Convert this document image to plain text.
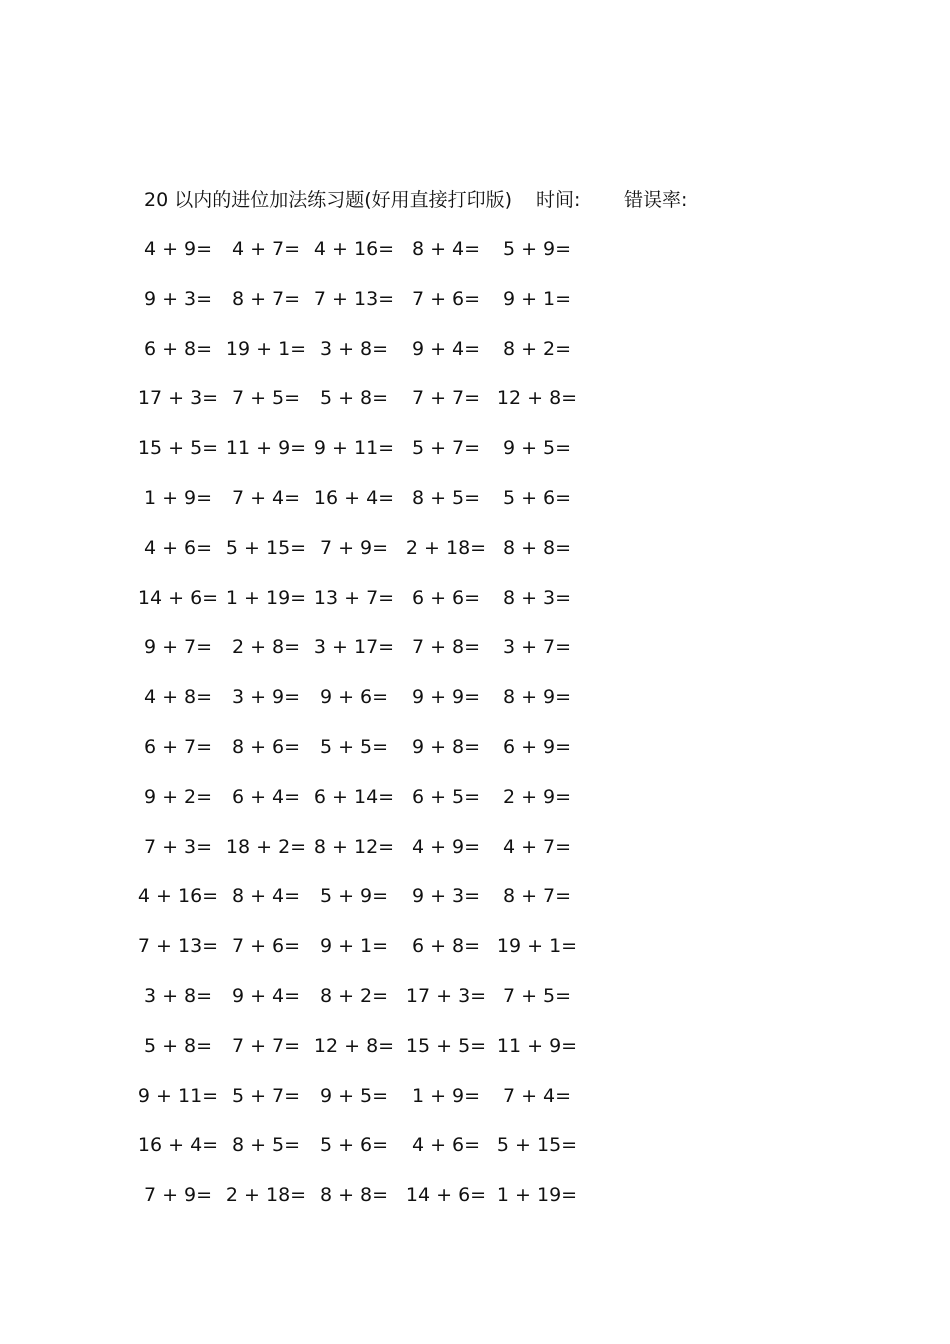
20 以内的进位加法练习题(好用直接打印版) 时间: 错误率:
4 + 9= 4 + 7= 4 + 16= 8 + 4= 5 + 9=
9 + 3= 8 + 7= 7 + 13= 7 + 6= 9 + 1=
6 + 8= 19 + 1= 3 + 8= 9 + 4= 8 + 2=
17 + 3= 7 + 5= 5 + 8= 7 + 7= 12 + 8=
15 + 5= 11 + 9= 9 + 11= 5 + 7= 9 + 5=
1 + 9= 7 + 4= 16 + 4= 8 + 5= 5 + 6=
4 + 6= 5 + 15= 7 + 9= 2 + 18= 8 + 8=
14 + 6= 1 + 19= 13 + 7= 6 + 6= 8 + 3=
9 + 7= 2 + 8= 3 + 17= 7 + 8= 3 + 7=
4 + 8= 3 + 9= 9 + 6= 9 + 9= 8 + 9=
6 + 7= 8 + 6= 5 + 5= 9 + 8= 6 + 9=
9 + 2= 6 + 4= 6 + 14= 6 + 5= 2 + 9=
7 + 3= 18 + 2= 8 + 12= 4 + 9= 4 + 7=
4 + 16= 8 + 4= 5 + 9= 9 + 3= 8 + 7=
7 + 13= 7 + 6= 9 + 1= 6 + 8= 19 + 1=
3 + 8= 9 + 4= 8 + 2= 17 + 3= 7 + 5=
5 + 8= 7 + 7= 12 + 8= 15 + 5= 11 + 9=
9 + 11= 5 + 7= 9 + 5= 1 + 9= 7 + 4=
16 + 4= 8 + 5= 5 + 6= 4 + 6= 5 + 15=
7 + 9= 2 + 18= 8 + 8= 14 + 6= 1 + 19=
